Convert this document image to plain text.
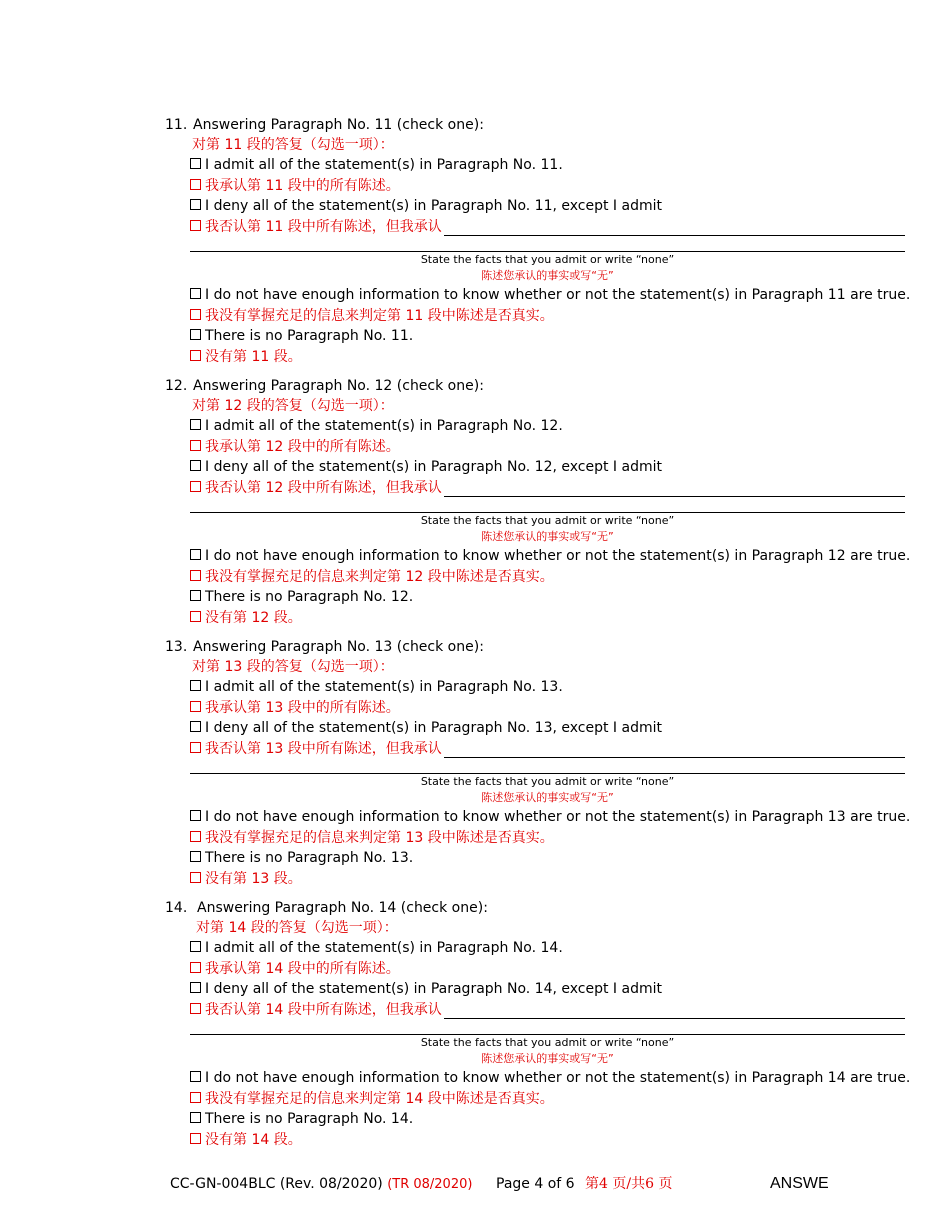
11. Answering Paragraph No. 11 (check one):
对第 11 段的答复（勾选一项）：
I admit all of the statement(s) in Paragraph No. 11.
我承认第 11 段中的所有陈述。
I deny all of the statement(s) in Paragraph No. 11, except I admit
我否认第 11 段中所有陈述，但我承认
State the facts that you admit or write “none”
陈述您承认的事实或写“无”
I do not have enough information to know whether or not the statement(s) in Paragraph 11 are true.
我没有掌握充足的信息来判定第 11 段中陈述是否真实。
There is no Paragraph No. 11.
没有第 11 段。
12. Answering Paragraph No. 12 (check one):
对第 12 段的答复（勾选一项）：
I admit all of the statement(s) in Paragraph No. 12.
我承认第 12 段中的所有陈述。
I deny all of the statement(s) in Paragraph No. 12, except I admit
我否认第 12 段中所有陈述，但我承认
State the facts that you admit or write “none”
陈述您承认的事实或写“无”
I do not have enough information to know whether or not the statement(s) in Paragraph 12 are true.
我没有掌握充足的信息来判定第 12 段中陈述是否真实。
There is no Paragraph No. 12.
没有第 12 段。
13. Answering Paragraph No. 13 (check one):
对第 13 段的答复（勾选一项）：
I admit all of the statement(s) in Paragraph No. 13.
我承认第 13 段中的所有陈述。
I deny all of the statement(s) in Paragraph No. 13, except I admit
我否认第 13 段中所有陈述，但我承认
State the facts that you admit or write “none”
陈述您承认的事实或写“无”
I do not have enough information to know whether or not the statement(s) in Paragraph 13 are true.
我没有掌握充足的信息来判定第 13 段中陈述是否真实。
There is no Paragraph No. 13.
没有第 13 段。
14. Answering Paragraph No. 14 (check one):
对第 14 段的答复（勾选一项）：
I admit all of the statement(s) in Paragraph No. 14.
我承认第 14 段中的所有陈述。
I deny all of the statement(s) in Paragraph No. 14, except I admit
我否认第 14 段中所有陈述，但我承认
State the facts that you admit or write “none”
陈述您承认的事实或写“无”
I do not have enough information to know whether or not the statement(s) in Paragraph 14 are true.
我没有掌握充足的信息来判定第 14 段中陈述是否真实。
There is no Paragraph No. 14.
没有第 14 段。
CC-GN-004BLC (Rev. 08/2020) (TR 08/2020) Page 4 of 6 第4 页/共6 页	ANSWE
